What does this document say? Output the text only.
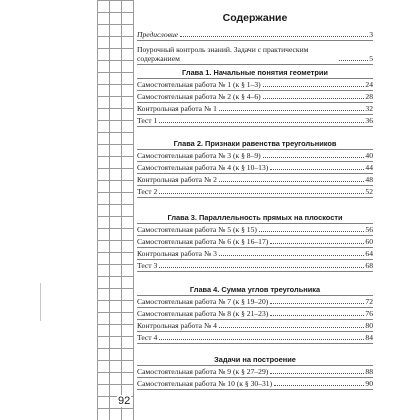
92
Содержание
Предисловие	3
Поурочный контроль знаний. Задачи с практическим содержанием	5
Глава 1. Начальные понятия геометрии
Самостоятельная работа № 1 (к § 1–3)	24
Самостоятельная работа № 2 (к § 4–6)	28
Контрольная работа № 1	32
Тест 1	36
Глава 2. Признаки равенства треугольников
Самостоятельная работа № 3 (к § 8–9)	40
Самостоятельная работа № 4 (к § 10–13)	44
Контрольная работа № 2	48
Тест 2	52
Глава 3. Параллельность прямых на плоскости
Самостоятельная работа № 5 (к § 15)	56
Самостоятельная работа № 6 (к § 16–17)	60
Контрольная работа № 3	64
Тест 3	68
Глава 4. Сумма углов треугольника
Самостоятельная работа № 7 (к § 19–20)	72
Самостоятельная работа № 8 (к § 21–23)	76
Контрольная работа № 4	80
Тест 4	84
Задачи на построение
Самостоятельная работа № 9 (к § 27–29)	88
Самостоятельная работа № 10 (к § 30–31)	90
